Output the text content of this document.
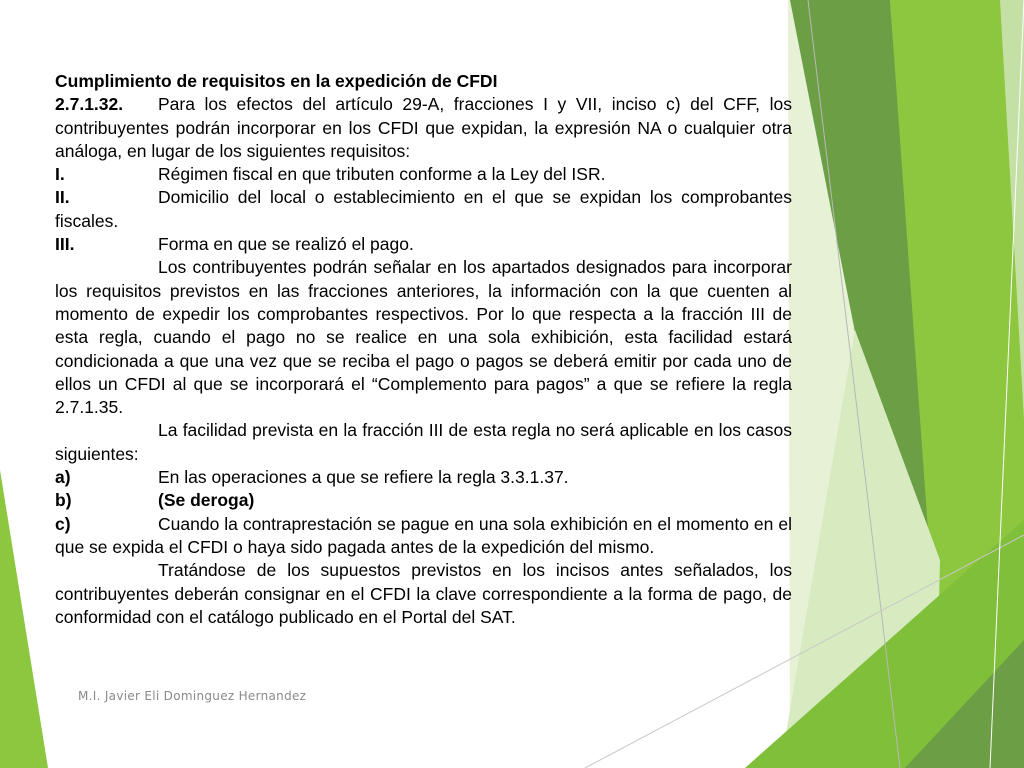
Cumplimiento de requisitos en la expedición de CFDI

2.7.1.32. Para los efectos del artículo 29-A, fracciones I y VII, inciso c) del CFF, los contribuyentes podrán incorporar en los CFDI que expidan, la expresión NA o cualquier otra análoga, en lugar de los siguientes requisitos:

I.	Régimen fiscal en que tributen conforme a la Ley del ISR.

II.	Domicilio del local o establecimiento en el que se expidan los comprobantes fiscales.

III.	Forma en que se realizó el pago.

Los contribuyentes podrán señalar en los apartados designados para incorporar los requisitos previstos en las fracciones anteriores, la información con la que cuenten al momento de expedir los comprobantes respectivos. Por lo que respecta a la fracción III de esta regla, cuando el pago no se realice en una sola exhibición, esta facilidad estará condicionada a que una vez que se reciba el pago o pagos se deberá emitir por cada uno de ellos un CFDI al que se incorporará el “Complemento para pagos” a que se refiere la regla 2.7.1.35.

La facilidad prevista en la fracción III de esta regla no será aplicable en los casos siguientes:

a)	En las operaciones a que se refiere la regla 3.3.1.37.

b)	(Se deroga)

c)	Cuando la contraprestación se pague en una sola exhibición en el momento en el que se expida el CFDI o haya sido pagada antes de la expedición del mismo.

Tratándose de los supuestos previstos en los incisos antes señalados, los contribuyentes deberán consignar en el CFDI la clave correspondiente a la forma de pago, de conformidad con el catálogo publicado en el Portal del SAT.

M.I. Javier Eli Dominguez Hernandez
